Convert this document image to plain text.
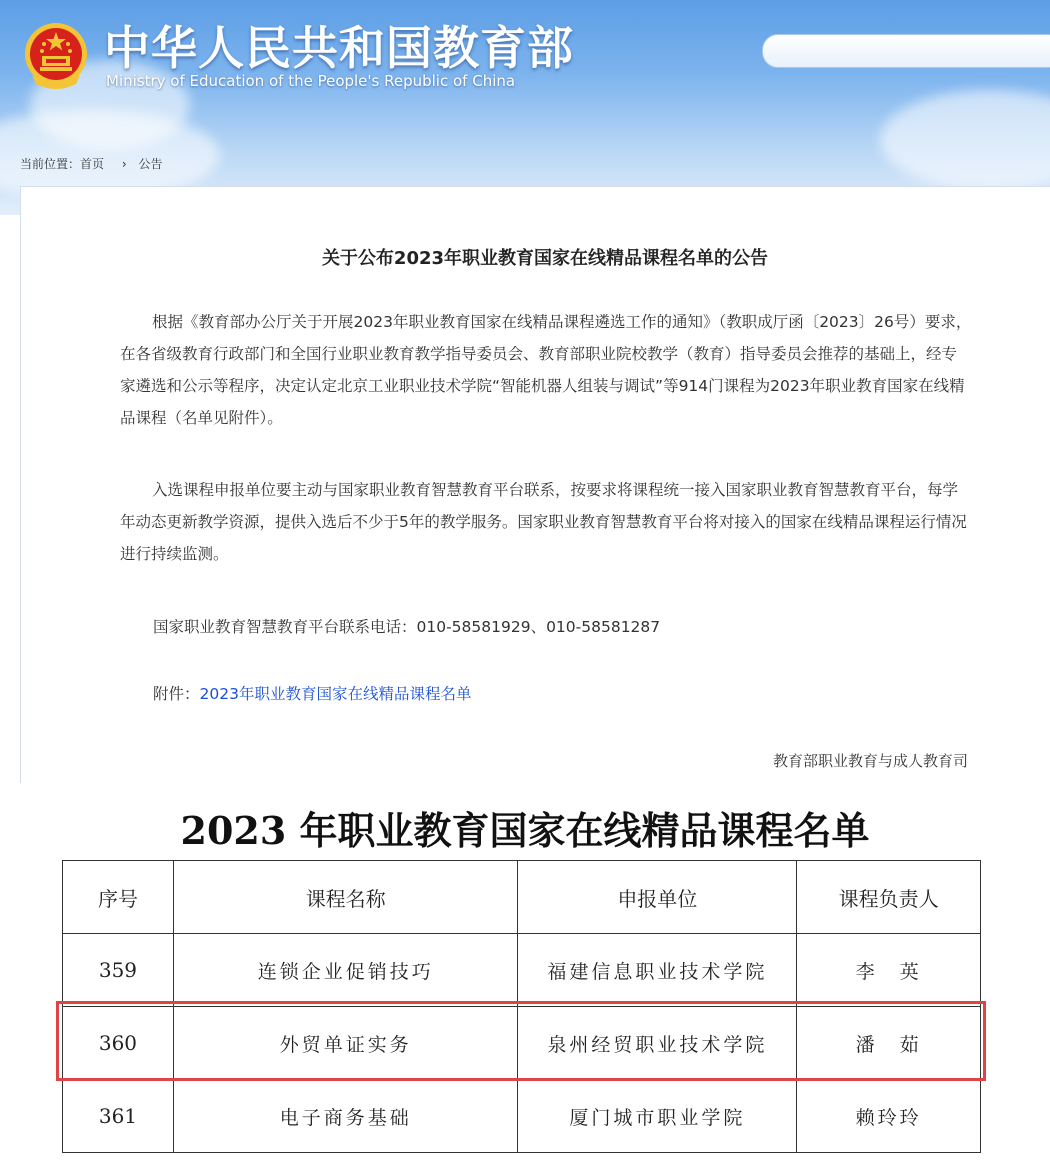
中华人民共和国教育部
Ministry of Education of the People's Republic of China
当前位置：首页 › 公告
关于公布2023年职业教育国家在线精品课程名单的公告

根据《教育部办公厅关于开展2023年职业教育国家在线精品课程遴选工作的通知》（教职成厅函〔2023〕26号）要求，在各省级教育行政部门和全国行业职业教育教学指导委员会、教育部职业院校教学（教育）指导委员会推荐的基础上，经专家遴选和公示等程序，决定认定北京工业职业技术学院“智能机器人组装与调试”等914门课程为2023年职业教育国家在线精品课程（名单见附件）。

入选课程申报单位要主动与国家职业教育智慧教育平台联系，按要求将课程统一接入国家职业教育智慧教育平台，每学年动态更新教学资源，提供入选后不少于5年的教学服务。国家职业教育智慧教育平台将对接入的国家在线精品课程运行情况进行持续监测。

国家职业教育智慧教育平台联系电话：010-58581929、010-58581287
附件：2023年职业教育国家在线精品课程名单
教育部职业教育与成人教育司
2023 年职业教育国家在线精品课程名单
序号	课程名称	申报单位	课程负责人
359	连锁企业促销技巧	福建信息职业技术学院	李　英
360	外贸单证实务	泉州经贸职业技术学院	潘　茹
361	电子商务基础	厦门城市职业学院	赖玲玲
